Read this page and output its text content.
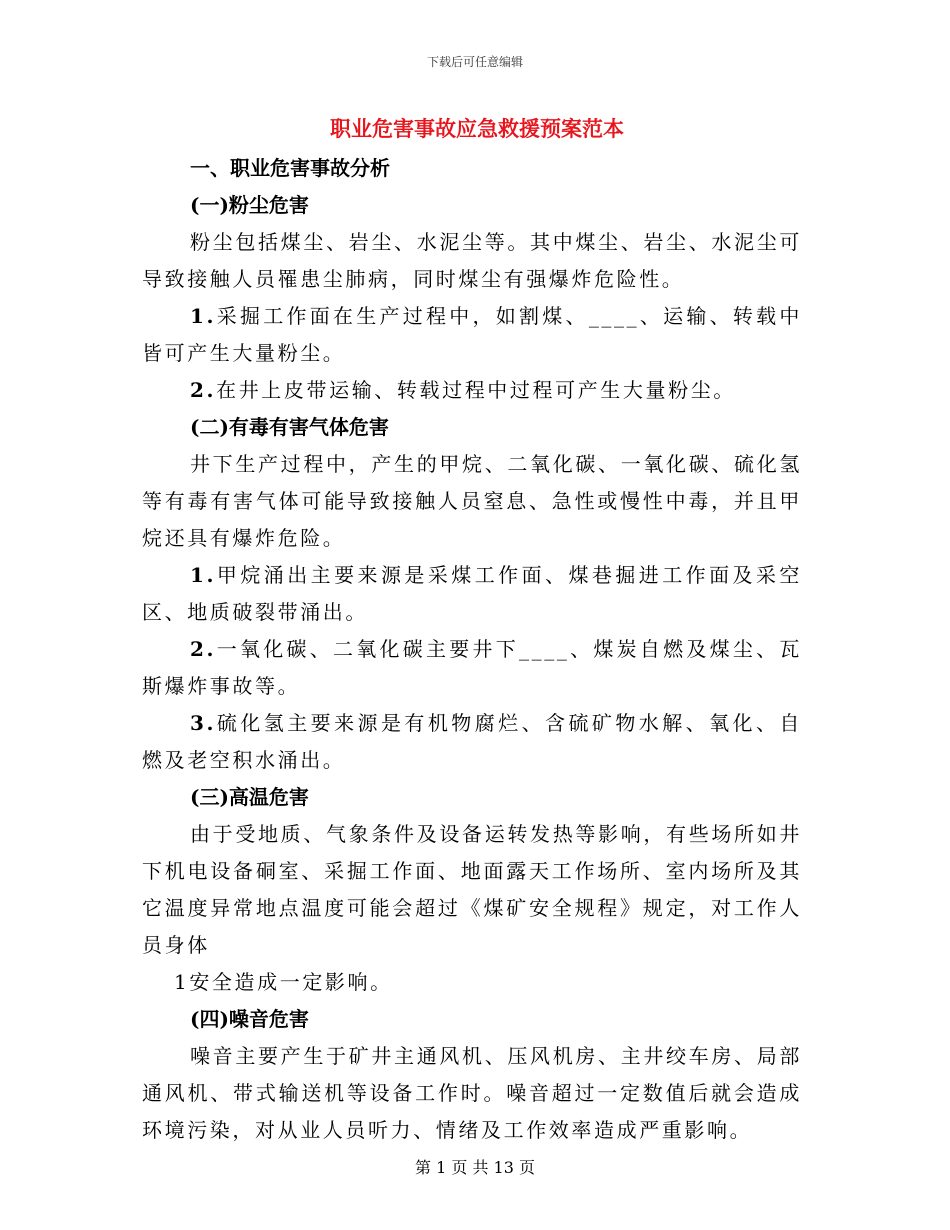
下载后可任意编辑
职业危害事故应急救援预案范本

一、职业危害事故分析

(一)粉尘危害

粉尘包括煤尘、岩尘、水泥尘等。其中煤尘、岩尘、水泥尘可导致接触人员罹患尘肺病，同时煤尘有强爆炸危险性。

1.采掘工作面在生产过程中，如割煤、____、运输、转载中皆可产生大量粉尘。

2.在井上皮带运输、转载过程中过程可产生大量粉尘。

(二)有毒有害气体危害

井下生产过程中，产生的甲烷、二氧化碳、一氧化碳、硫化氢等有毒有害气体可能导致接触人员窒息、急性或慢性中毒，并且甲烷还具有爆炸危险。

1.甲烷涌出主要来源是采煤工作面、煤巷掘进工作面及采空区、地质破裂带涌出。

2.一氧化碳、二氧化碳主要井下____、煤炭自燃及煤尘、瓦斯爆炸事故等。

3.硫化氢主要来源是有机物腐烂、含硫矿物水解、氧化、自燃及老空积水涌出。

(三)高温危害

由于受地质、气象条件及设备运转发热等影响，有些场所如井下机电设备硐室、采掘工作面、地面露天工作场所、室内场所及其它温度异常地点温度可能会超过《煤矿安全规程》规定，对工作人员身体

1安全造成一定影响。

(四)噪音危害

噪音主要产生于矿井主通风机、压风机房、主井绞车房、局部通风机、带式输送机等设备工作时。噪音超过一定数值后就会造成环境污染，对从业人员听力、情绪及工作效率造成严重影响。

第 1 页 共 13 页
